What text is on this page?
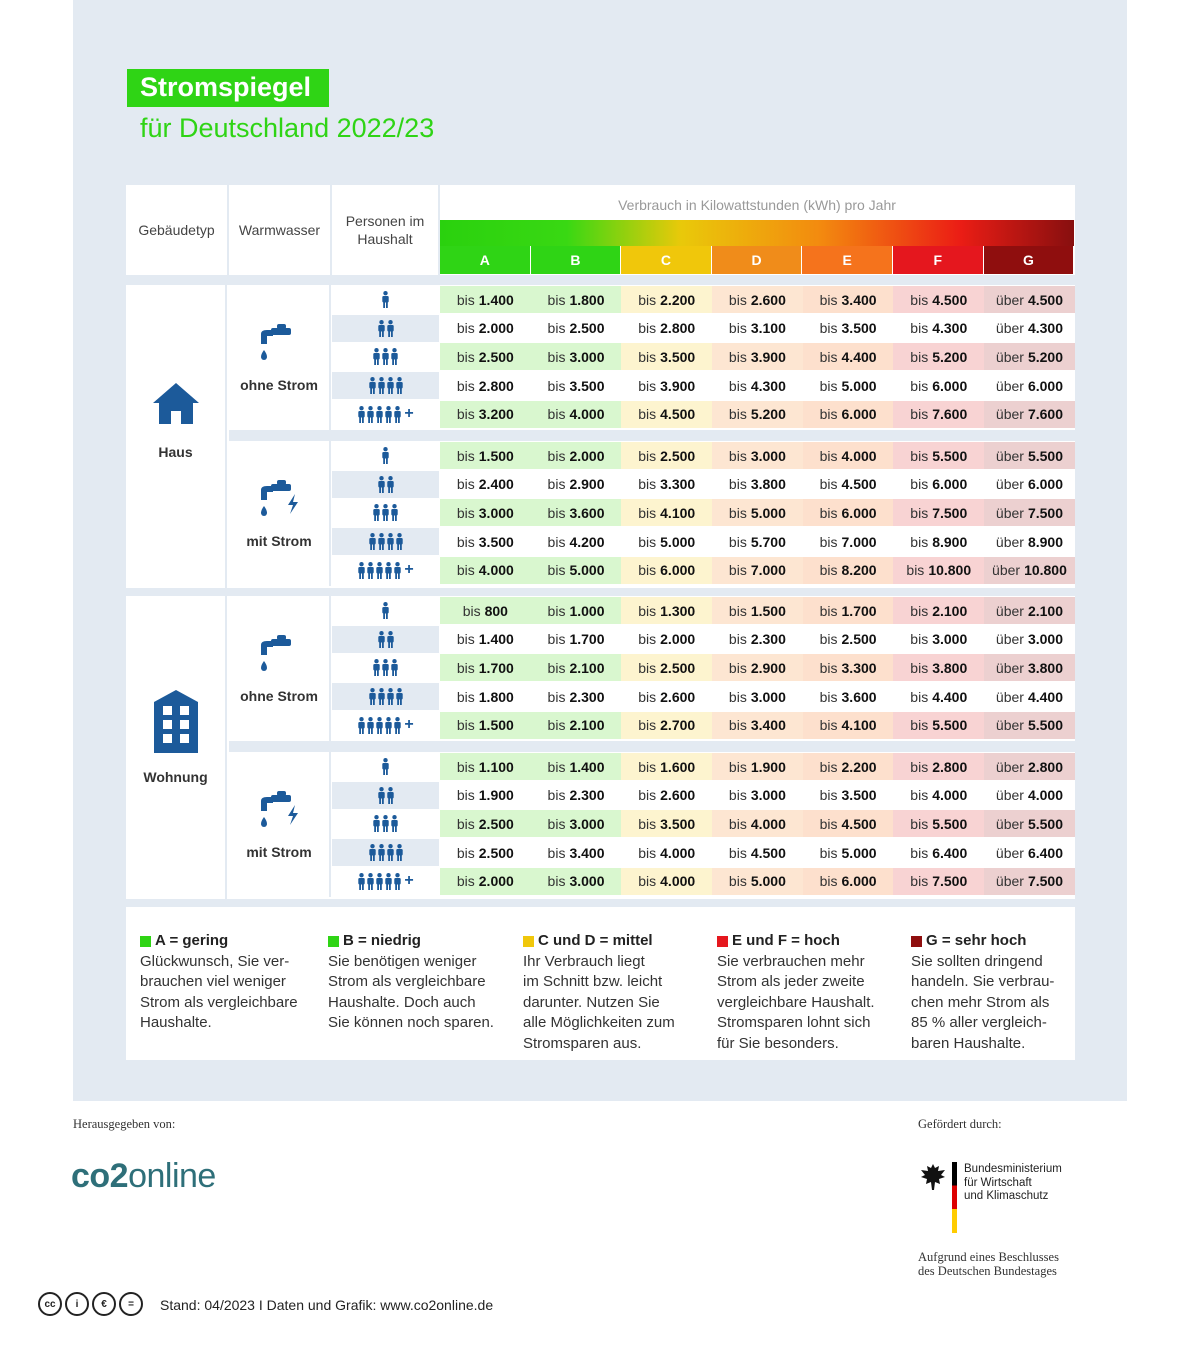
Stromspiegel
für Deutschland 2022/23
Gebäudetyp	Warmwasser
Personen im Haushalt
Verbrauch in Kilowattstunden (kWh) pro Jahr
A	B	C	D	E	F	G
Haus
ohne Strom
bis 1.400 bis 1.800 bis 2.200 bis 2.600 bis 3.400 bis 4.500 über 4.500
bis 2.000 bis 2.500 bis 2.800 bis 3.100 bis 3.500 bis 4.300 über 4.300
bis 2.500 bis 3.000 bis 3.500 bis 3.900 bis 4.400 bis 5.200 über 5.200
bis 2.800 bis 3.500 bis 3.900 bis 4.300 bis 5.000 bis 6.000 über 6.000
+	bis 3.200 bis 4.000 bis 4.500 bis 5.200 bis 6.000 bis 7.600 über 7.600
mit Strom
bis 1.500 bis 2.000 bis 2.500 bis 3.000 bis 4.000 bis 5.500 über 5.500
bis 2.400 bis 2.900 bis 3.300 bis 3.800 bis 4.500 bis 6.000 über 6.000
bis 3.000 bis 3.600 bis 4.100 bis 5.000 bis 6.000 bis 7.500 über 7.500
bis 3.500 bis 4.200 bis 5.000 bis 5.700 bis 7.000 bis 8.900 über 8.900
+	bis 4.000 bis 5.000 bis 6.000 bis 7.000 bis 8.200 bis 10.800 über 10.800
Wohnung
ohne Strom
bis 800	bis 1.000 bis 1.300 bis 1.500 bis 1.700 bis 2.100 über 2.100
bis 1.400 bis 1.700 bis 2.000 bis 2.300 bis 2.500 bis 3.000 über 3.000
bis 1.700 bis 2.100 bis 2.500 bis 2.900 bis 3.300 bis 3.800 über 3.800
bis 1.800 bis 2.300 bis 2.600 bis 3.000 bis 3.600 bis 4.400 über 4.400
+	bis 1.500 bis 2.100 bis 2.700 bis 3.400 bis 4.100 bis 5.500 über 5.500
mit Strom
bis 1.100 bis 1.400 bis 1.600 bis 1.900 bis 2.200 bis 2.800 über 2.800
bis 1.900 bis 2.300 bis 2.600 bis 3.000 bis 3.500 bis 4.000 über 4.000
bis 2.500 bis 3.000 bis 3.500 bis 4.000 bis 4.500 bis 5.500 über 5.500
bis 2.500 bis 3.400 bis 4.000 bis 4.500 bis 5.000 bis 6.400 über 6.400
+	bis 2.000 bis 3.000 bis 4.000 bis 5.000 bis 6.000 bis 7.500 über 7.500
A = gering
Glückwunsch, Sie ver-
brauchen viel weniger
Strom als vergleichbare
Haushalte.
B = niedrig
Sie benötigen weniger
Strom als vergleichbare
Haushalte. Doch auch
Sie können noch sparen.
C und D = mittel
Ihr Verbrauch liegt
im Schnitt bzw. leicht
darunter. Nutzen Sie
alle Möglichkeiten zum
Stromsparen aus.
E und F = hoch
Sie verbrauchen mehr
Strom als jeder zweite
vergleichbare Haushalt.
Stromsparen lohnt sich
für Sie besonders.
G = sehr hoch
Sie sollten dringend
handeln. Sie verbrau-
chen mehr Strom als
85 % aller vergleich-
baren Haushalte.
Herausgegeben von:
co2online
Gefördert durch:
Bundesministerium
für Wirtschaft
und Klimaschutz
Aufgrund eines Beschlusses
des Deutschen Bundestages
cc	i	€	=	Stand: 04/2023 I Daten und Grafik: www.co2online.de
